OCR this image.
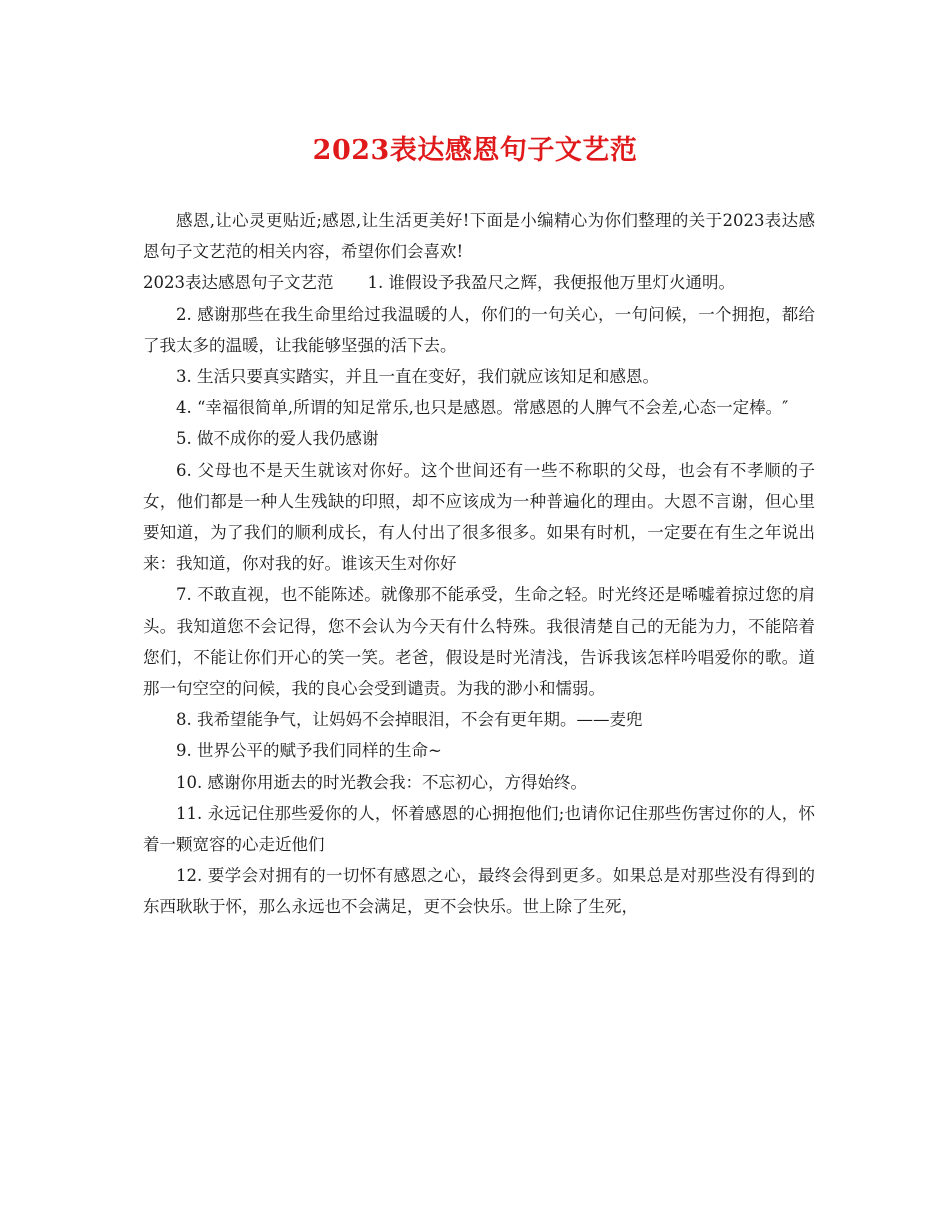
2023表达感恩句子文艺范

感恩,让心灵更贴近;感恩,让生活更美好!下面是小编精心为你们整理的关于2023表达感恩句子文艺范的相关内容，希望你们会喜欢!

2023表达感恩句子文艺范 1. 谁假设予我盈尺之辉，我便报他万里灯火通明。

2. 感谢那些在我生命里给过我温暖的人，你们的一句关心，一句问候，一个拥抱，都给了我太多的温暖，让我能够坚强的活下去。

3. 生活只要真实踏实，并且一直在变好，我们就应该知足和感恩。

4. “幸福很简单,所谓的知足常乐,也只是感恩。常感恩的人脾气不会差,心态一定棒。″

5. 做不成你的爱人我仍感谢

6. 父母也不是天生就该对你好。这个世间还有一些不称职的父母，也会有不孝顺的子女，他们都是一种人生残缺的印照，却不应该成为一种普遍化的理由。大恩不言谢，但心里要知道，为了我们的顺利成长，有人付出了很多很多。如果有时机，一定要在有生之年说出来：我知道，你对我的好。谁该天生对你好

7. 不敢直视，也不能陈述。就像那不能承受，生命之轻。时光终还是唏嘘着掠过您的肩头。我知道您不会记得，您不会认为今天有什么特殊。我很清楚自己的无能为力，不能陪着您们，不能让你们开心的笑一笑。老爸，假设是时光清浅，告诉我该怎样吟唱爱你的歌。道那一句空空的问候，我的良心会受到谴责。为我的渺小和懦弱。

8. 我希望能争气，让妈妈不会掉眼泪，不会有更年期。——麦兜

9. 世界公平的赋予我们同样的生命~

10. 感谢你用逝去的时光教会我：不忘初心，方得始终。

11. 永远记住那些爱你的人，怀着感恩的心拥抱他们;也请你记住那些伤害过你的人，怀着一颗宽容的心走近他们

12. 要学会对拥有的一切怀有感恩之心，最终会得到更多。如果总是对那些没有得到的东西耿耿于怀，那么永远也不会满足，更不会快乐。世上除了生死，
